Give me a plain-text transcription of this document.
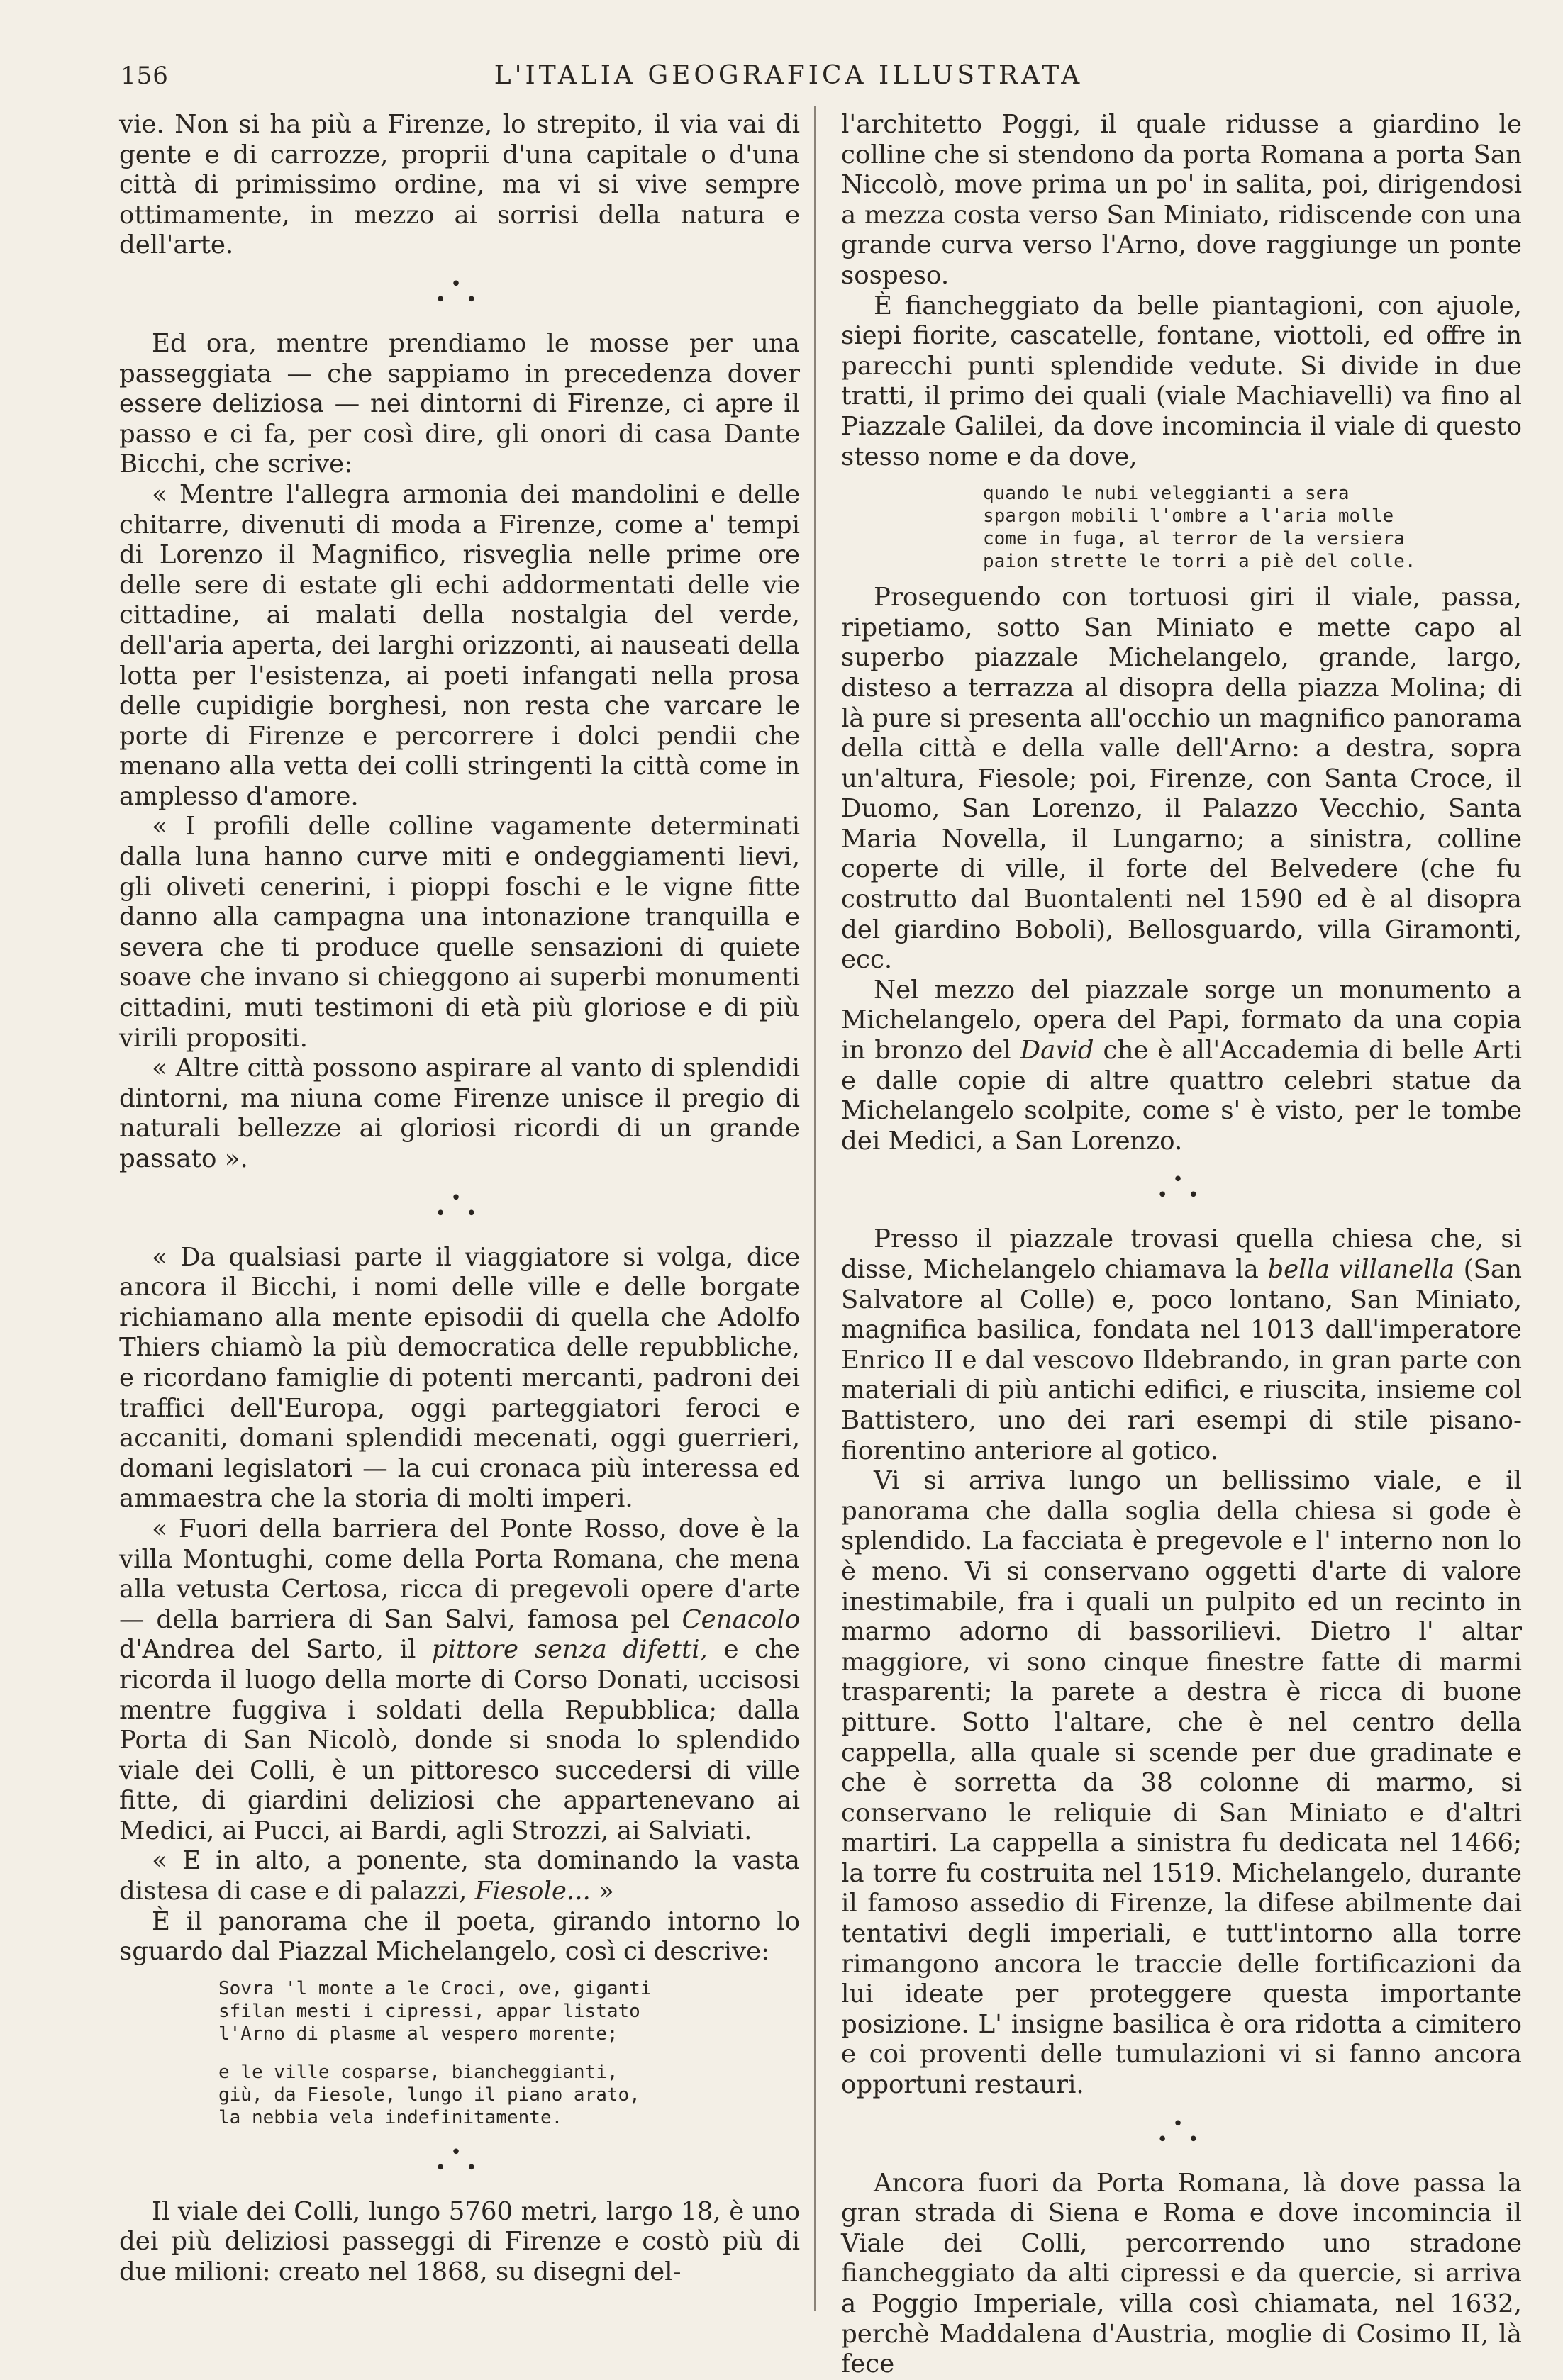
156	L'ITALIA GEOGRAFICA ILLUSTRATA

vie. Non si ha più a Firenze, lo strepito, il via vai di gente e di carrozze, proprii d'una capitale o d'una città di primissimo ordine, ma vi si vive sempre ottimamente, in mezzo ai sorrisi della natura e dell'arte.

•
• •

Ed ora, mentre prendiamo le mosse per una passeggiata — che sappiamo in precedenza dover essere deliziosa — nei dintorni di Firenze, ci apre il passo e ci fa, per così dire, gli onori di casa Dante Bicchi, che scrive:

« Mentre l'allegra armonia dei mandolini e delle chitarre, divenuti di moda a Firenze, come a' tempi di Lorenzo il Magnifico, risveglia nelle prime ore delle sere di estate gli echi addormentati delle vie cittadine, ai malati della nostalgia del verde, dell'aria aperta, dei larghi orizzonti, ai nauseati della lotta per l'esistenza, ai poeti infangati nella prosa delle cupidigie borghesi, non resta che varcare le porte di Firenze e percorrere i dolci pendii che menano alla vetta dei colli stringenti la città come in amplesso d'amore.

« I profili delle colline vagamente determinati dalla luna hanno curve miti e ondeggiamenti lievi, gli oliveti cenerini, i pioppi foschi e le vigne fitte danno alla campagna una intonazione tranquilla e severa che ti produce quelle sensazioni di quiete soave che invano si chieggono ai superbi monumenti cittadini, muti testimoni di età più gloriose e di più virili propositi.

« Altre città possono aspirare al vanto di splendidi dintorni, ma niuna come Firenze unisce il pregio di naturali bellezze ai gloriosi ricordi di un grande passato ».

•
• •

« Da qualsiasi parte il viaggiatore si volga, dice ancora il Bicchi, i nomi delle ville e delle borgate richiamano alla mente episodii di quella che Adolfo Thiers chiamò la più democratica delle repubbliche, e ricordano famiglie di potenti mercanti, padroni dei traffici dell'Europa, oggi parteggiatori feroci e accaniti, domani splendidi mecenati, oggi guerrieri, domani legislatori — la cui cronaca più interessa ed ammaestra che la storia di molti imperi.

« Fuori della barriera del Ponte Rosso, dove è la villa Montughi, come della Porta Romana, che mena alla vetusta Certosa, ricca di pregevoli opere d'arte — della barriera di San Salvi, famosa pel Cenacolo d'Andrea del Sarto, il pittore senza difetti, e che ricorda il luogo della morte di Corso Donati, uccisosi mentre fuggiva i soldati della Repubblica; dalla Porta di San Nicolò, donde si snoda lo splendido viale dei Colli, è un pittoresco succedersi di ville fitte, di giardini deliziosi che appartenevano ai Medici, ai Pucci, ai Bardi, agli Strozzi, ai Salviati.

« E in alto, a ponente, sta dominando la vasta distesa di case e di palazzi, Fiesole... »

È il panorama che il poeta, girando intorno lo sguardo dal Piazzal Michelangelo, così ci descrive:

Sovra 'l monte a le Croci, ove, giganti
sfilan mesti i cipressi, appar listato
l'Arno di plasme al vespero morente;
e le ville cosparse, biancheggianti,
giù, da Fiesole, lungo il piano arato,
la nebbia vela indefinitamente.
•
• •

Il viale dei Colli, lungo 5760 metri, largo 18, è uno dei più deliziosi passeggi di Firenze e costò più di due milioni: creato nel 1868, su disegni del-

l'architetto Poggi, il quale ridusse a giardino le colline che si stendono da porta Romana a porta San Niccolò, move prima un po' in salita, poi, dirigendosi a mezza costa verso San Miniato, ridiscende con una grande curva verso l'Arno, dove raggiunge un ponte sospeso.

È fiancheggiato da belle piantagioni, con ajuole, siepi fiorite, cascatelle, fontane, viottoli, ed offre in parecchi punti splendide vedute. Si divide in due tratti, il primo dei quali (viale Machiavelli) va fino al Piazzale Galilei, da dove incomincia il viale di questo stesso nome e da dove,

quando le nubi veleggianti a sera
spargon mobili l'ombre a l'aria molle
come in fuga, al terror de la versiera
paion strette le torri a piè del colle.

Proseguendo con tortuosi giri il viale, passa, ripetiamo, sotto San Miniato e mette capo al superbo piazzale Michelangelo, grande, largo, disteso a terrazza al disopra della piazza Molina; di là pure si presenta all'occhio un magnifico panorama della città e della valle dell'Arno: a destra, sopra un'altura, Fiesole; poi, Firenze, con Santa Croce, il Duomo, San Lorenzo, il Palazzo Vecchio, Santa Maria Novella, il Lungarno; a sinistra, colline coperte di ville, il forte del Belvedere (che fu costrutto dal Buontalenti nel 1590 ed è al disopra del giardino Boboli), Bellosguardo, villa Giramonti, ecc.

Nel mezzo del piazzale sorge un monumento a Michelangelo, opera del Papi, formato da una copia in bronzo del David che è all'Accademia di belle Arti e dalle copie di altre quattro celebri statue da Michelangelo scolpite, come s' è visto, per le tombe dei Medici, a San Lorenzo.

•
• •

Presso il piazzale trovasi quella chiesa che, si disse, Michelangelo chiamava la bella villanella (San Salvatore al Colle) e, poco lontano, San Miniato, magnifica basilica, fondata nel 1013 dall'imperatore Enrico II e dal vescovo Ildebrando, in gran parte con materiali di più antichi edifici, e riuscita, insieme col Battistero, uno dei rari esempi di stile pisano-fiorentino anteriore al gotico.

Vi si arriva lungo un bellissimo viale, e il panorama che dalla soglia della chiesa si gode è splendido. La facciata è pregevole e l' interno non lo è meno. Vi si conservano oggetti d'arte di valore inestimabile, fra i quali un pulpito ed un recinto in marmo adorno di bassorilievi. Dietro l' altar maggiore, vi sono cinque finestre fatte di marmi trasparenti; la parete a destra è ricca di buone pitture. Sotto l'altare, che è nel centro della cappella, alla quale si scende per due gradinate e che è sorretta da 38 colonne di marmo, si conservano le reliquie di San Miniato e d'altri martiri. La cappella a sinistra fu dedicata nel 1466; la torre fu costruita nel 1519. Michelangelo, durante il famoso assedio di Firenze, la difese abilmente dai tentativi degli imperiali, e tutt'intorno alla torre rimangono ancora le traccie delle fortificazioni da lui ideate per proteggere questa importante posizione. L' insigne basilica è ora ridotta a cimitero e coi proventi delle tumulazioni vi si fanno ancora opportuni restauri.

•
• •

Ancora fuori da Porta Romana, là dove passa la gran strada di Siena e Roma e dove incomincia il Viale dei Colli, percorrendo uno stradone fiancheggiato da alti cipressi e da quercie, si arriva a Poggio Imperiale, villa così chiamata, nel 1632, perchè Maddalena d'Austria, moglie di Cosimo II, là fece
